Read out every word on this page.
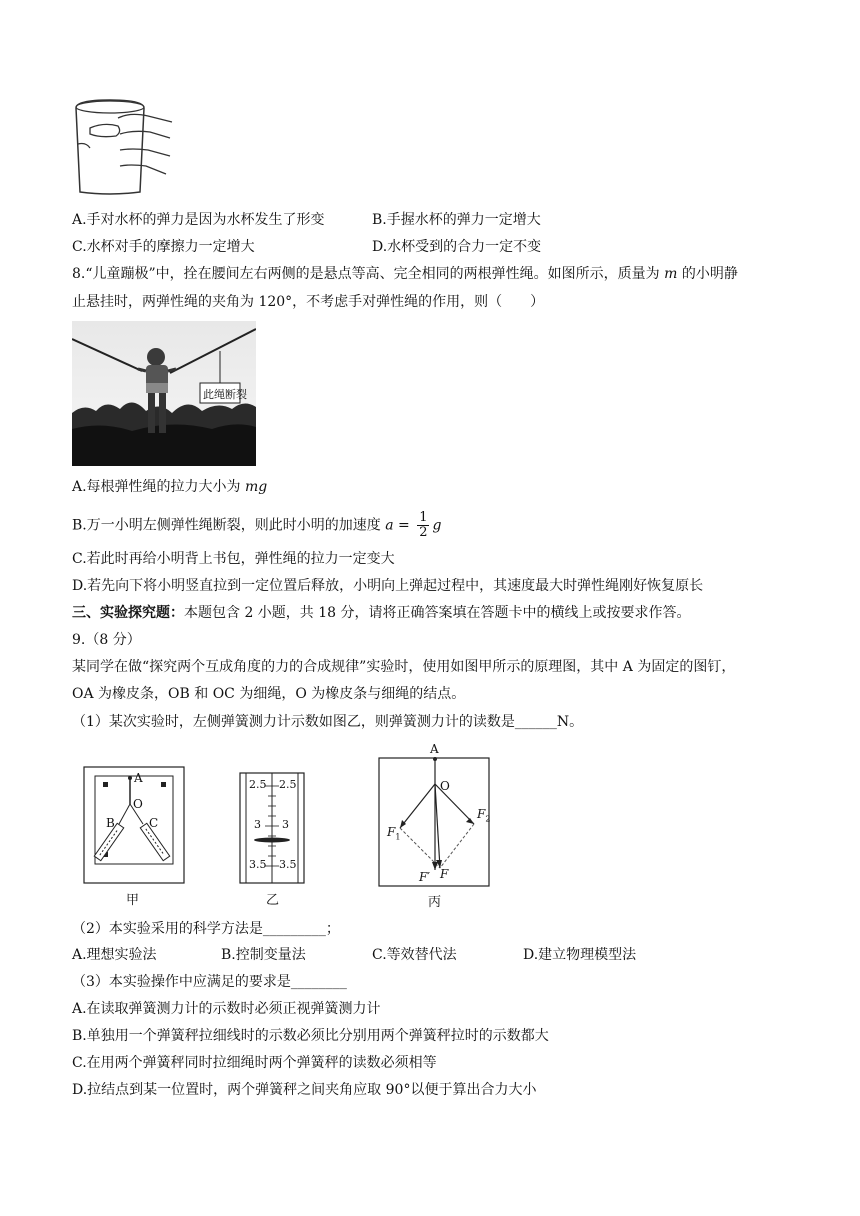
A.手对水杯的弹力是因为水杯发生了形变	B.手握水杯的弹力一定增大
C.水杯对手的摩擦力一定增大	D.水杯受到的合力一定不变
8.“儿童蹦极”中，拴在腰间左右两侧的是悬点等高、完全相同的两根弹性绳。如图所示，质量为 m 的小明静
止悬挂时，两弹性绳的夹角为 120°，不考虑手对弹性绳的作用，则（　　）
此绳断裂
A.每根弹性绳的拉力大小为 mg
B.万一小明左侧弹性绳断裂，则此时小明的加速度 $a = \frac{1}{2}$ g
C.若此时再给小明背上书包，弹性绳的拉力一定变大
D.若先向下将小明竖直拉到一定位置后释放，小明向上弹起过程中，其速度最大时弹性绳刚好恢复原长
三、实验探究题：本题包含 2 小题，共 18 分，请将正确答案填在答题卡中的横线上或按要求作答。
9.（8 分）
某同学在做“探究两个互成角度的力的合成规律”实验时，使用如图甲所示的原理图，其中 A 为固定的图钉，
OA 为橡皮条，OB 和 OC 为细绳，O 为橡皮条与细绳的结点。
（1）某次实验时，左侧弹簧测力计示数如图乙，则弹簧测力计的读数是______N。
A
O
B	C
甲
2.5
3
3.5
2.5
3
3.5
乙
A
O
$F_1$
$F_2$
F′ F
丙
（2）本实验采用的科学方法是_________；
A.理想实验法	B.控制变量法	C.等效替代法	D.建立物理模型法
（3）本实验操作中应满足的要求是________
A.在读取弹簧测力计的示数时必须正视弹簧测力计
B.单独用一个弹簧秤拉细线时的示数必须比分别用两个弹簧秤拉时的示数都大
C.在用两个弹簧秤同时拉细绳时两个弹簧秤的读数必须相等
D.拉结点到某一位置时，两个弹簧秤之间夹角应取 90°以便于算出合力大小
